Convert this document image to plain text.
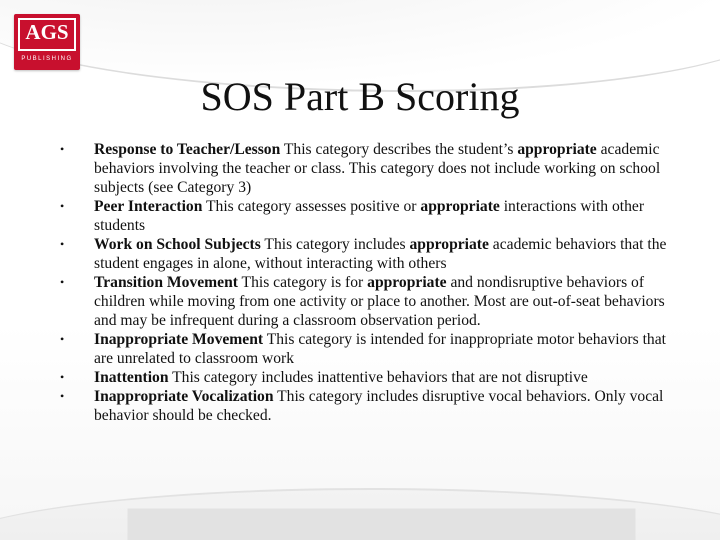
AGS
PUBLISHING
SOS Part B Scoring
• Response to Teacher/Lesson This category describes the student’s appropriate academic behaviors involving the teacher or class. This category does not include working on school subjects (see Category 3)
• Peer Interaction This category assesses positive or appropriate interactions with other students
• Work on School Subjects This category includes appropriate academic behaviors that the student engages in alone, without interacting with others
• Transition Movement This category is for appropriate and nondisruptive behaviors of children while moving from one activity or place to another. Most are out-of-seat behaviors and may be infrequent during a classroom observation period.
• Inappropriate Movement This category is intended for inappropriate motor behaviors that are unrelated to classroom work
• Inattention This category includes inattentive behaviors that are not disruptive
• Inappropriate Vocalization This category includes disruptive vocal behaviors. Only vocal behavior should be checked.
